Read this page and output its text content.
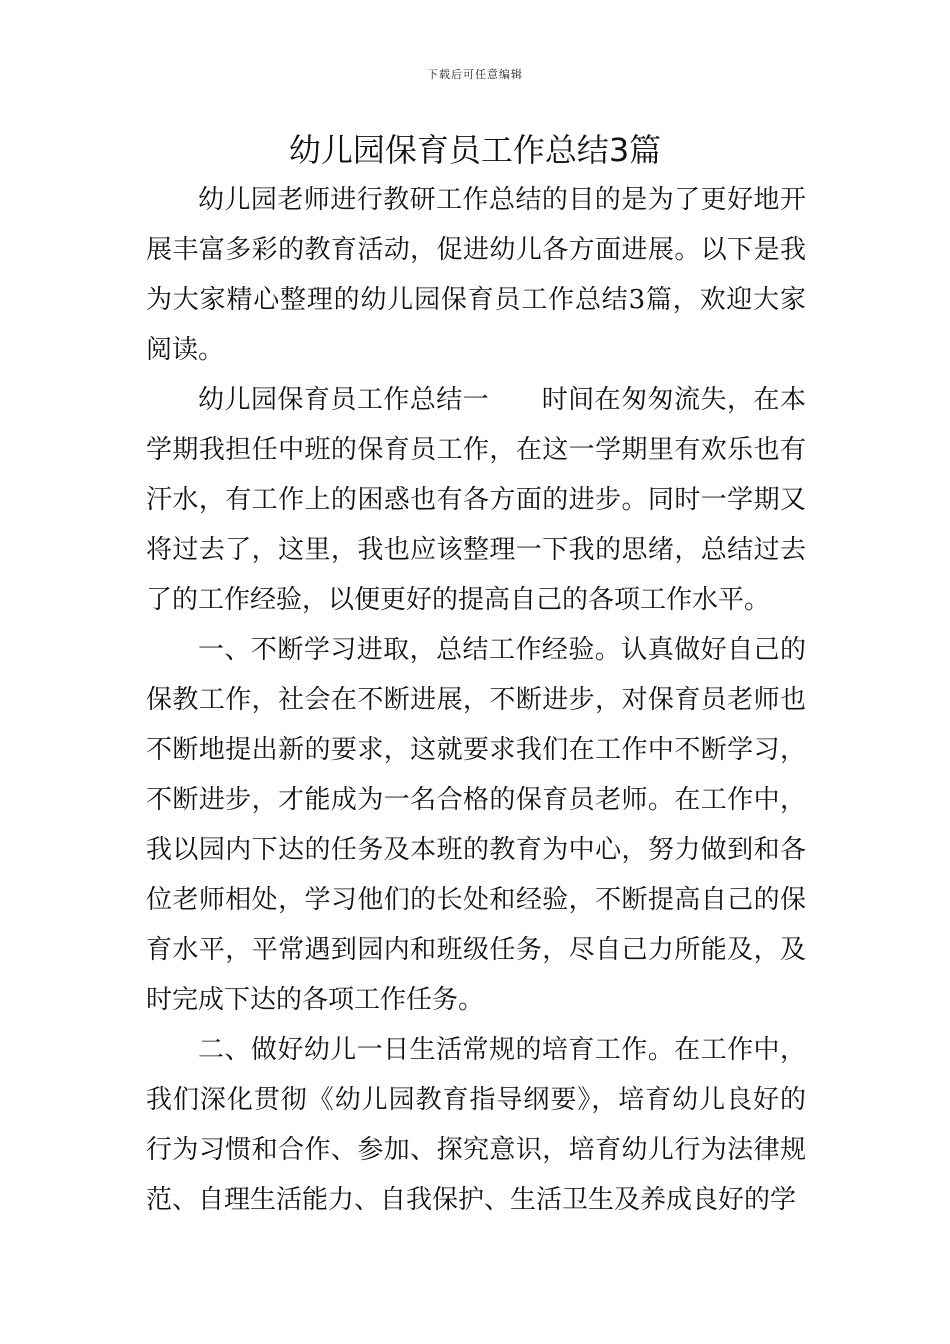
下载后可任意编辑
幼儿园保育员工作总结3篇

幼儿园老师进行教研工作总结的目的是为了更好地开展丰富多彩的教育活动，促进幼儿各方面进展。以下是我为大家精心整理的幼儿园保育员工作总结3篇，欢迎大家阅读。

幼儿园保育员工作总结一 时间在匆匆流失，在本学期我担任中班的保育员工作，在这一学期里有欢乐也有汗水，有工作上的困惑也有各方面的进步。同时一学期又将过去了，这里，我也应该整理一下我的思绪，总结过去了的工作经验，以便更好的提高自己的各项工作水平。

一、不断学习进取，总结工作经验。认真做好自己的保教工作，社会在不断进展，不断进步，对保育员老师也不断地提出新的要求，这就要求我们在工作中不断学习，不断进步，才能成为一名合格的保育员老师。在工作中，我以园内下达的任务及本班的教育为中心，努力做到和各位老师相处，学习他们的长处和经验，不断提高自己的保育水平，平常遇到园内和班级任务，尽自己力所能及，及时完成下达的各项工作任务。

二、做好幼儿一日生活常规的培育工作。在工作中，我们深化贯彻《幼儿园教育指导纲要》，培育幼儿良好的行为习惯和合作、参加、探究意识，培育幼儿行为法律规范、自理生活能力、自我保护、生活卫生及养成良好的学
